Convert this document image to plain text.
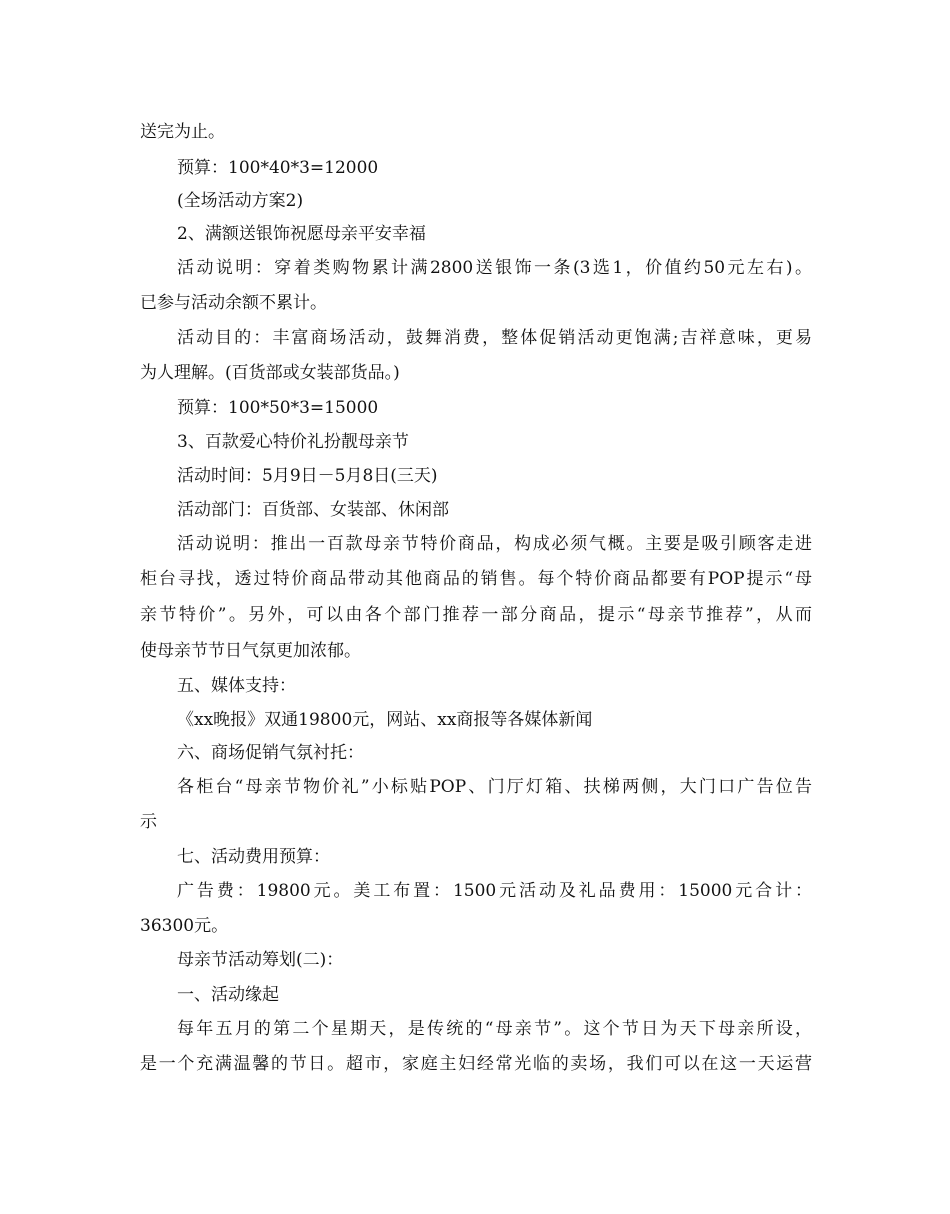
送完为止。
预算：100*40*3=12000
(全场活动方案2)
2、满额送银饰祝愿母亲平安幸福
活动说明：穿着类购物累计满2800送银饰一条(3选1，价值约50元左右)。
已参与活动余额不累计。
活动目的：丰富商场活动，鼓舞消费，整体促销活动更饱满;吉祥意味，更易
为人理解。(百货部或女装部货品。)
预算：100*50*3=15000
3、百款爱心特价礼扮靓母亲节
活动时间：5月9日－5月8日(三天)
活动部门：百货部、女装部、休闲部
活动说明：推出一百款母亲节特价商品，构成必须气概。主要是吸引顾客走进
柜台寻找，透过特价商品带动其他商品的销售。每个特价商品都要有POP提示“母
亲节特价”。另外，可以由各个部门推荐一部分商品，提示“母亲节推荐”，从而
使母亲节节日气氛更加浓郁。
五、媒体支持：
《xx晚报》双通19800元，网站、xx商报等各媒体新闻
六、商场促销气氛衬托：
各柜台“母亲节物价礼”小标贴POP、门厅灯箱、扶梯两侧，大门口广告位告
示
七、活动费用预算：
广告费：19800元。美工布置：1500元活动及礼品费用：15000元合计：
36300元。
母亲节活动筹划(二)：
一、活动缘起
每年五月的第二个星期天，是传统的“母亲节”。这个节日为天下母亲所设，
是一个充满温馨的节日。超市，家庭主妇经常光临的卖场，我们可以在这一天运营
